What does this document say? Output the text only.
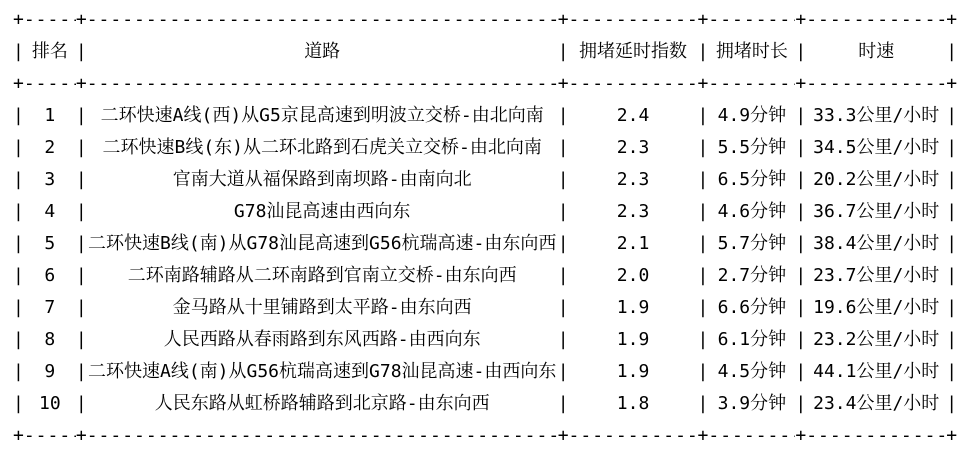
+
-----
+
-----
+
-----
+
-----
+
-----
+
|
排名 |	道路 |	拥堵延时指数 |	拥堵时长 |	时速
|
+
-----
+
-----
+
-----
+
-----
+
-----
+
|
1 |	二环快速A线(西)从G5京昆高速到明波立交桥-由北向南 |	2.4 |	4.9分钟 |	33.3公里/小时
|
|
2 |	二环快速B线(东)从二环北路到石虎关立交桥-由北向南 |	2.3 |	5.5分钟 |	34.5公里/小时
|
|
3 |	官南大道从福保路到南坝路-由南向北 |	2.3 |	6.5分钟 |	20.2公里/小时
|
|
4 |	G78汕昆高速由西向东 |	2.3 |	4.6分钟 |	36.7公里/小时
|
|
5 |	二环快速B线(南)从G78汕昆高速到G56杭瑞高速-由东向西 |	2.1 |	5.7分钟 |	38.4公里/小时
|
|
6 |	二环南路辅路从二环南路到官南立交桥-由东向西 |	2.0 |	2.7分钟 |	23.7公里/小时
|
|
7 |	金马路从十里铺路到太平路-由东向西 |	1.9 |	6.6分钟 |	19.6公里/小时
|
|
8 |	人民西路从春雨路到东风西路-由西向东 |	1.9 |	6.1分钟 |	23.2公里/小时
|
|
9 |	二环快速A线(南)从G56杭瑞高速到G78汕昆高速-由西向东 |	1.9 |	4.5分钟 |	44.1公里/小时
|
|
10 |	人民东路从虹桥路辅路到北京路-由东向西 |	1.8 |	3.9分钟 |	23.4公里/小时
|
+
-----
+
-----
+
-----
+
-----
+
-----
+
